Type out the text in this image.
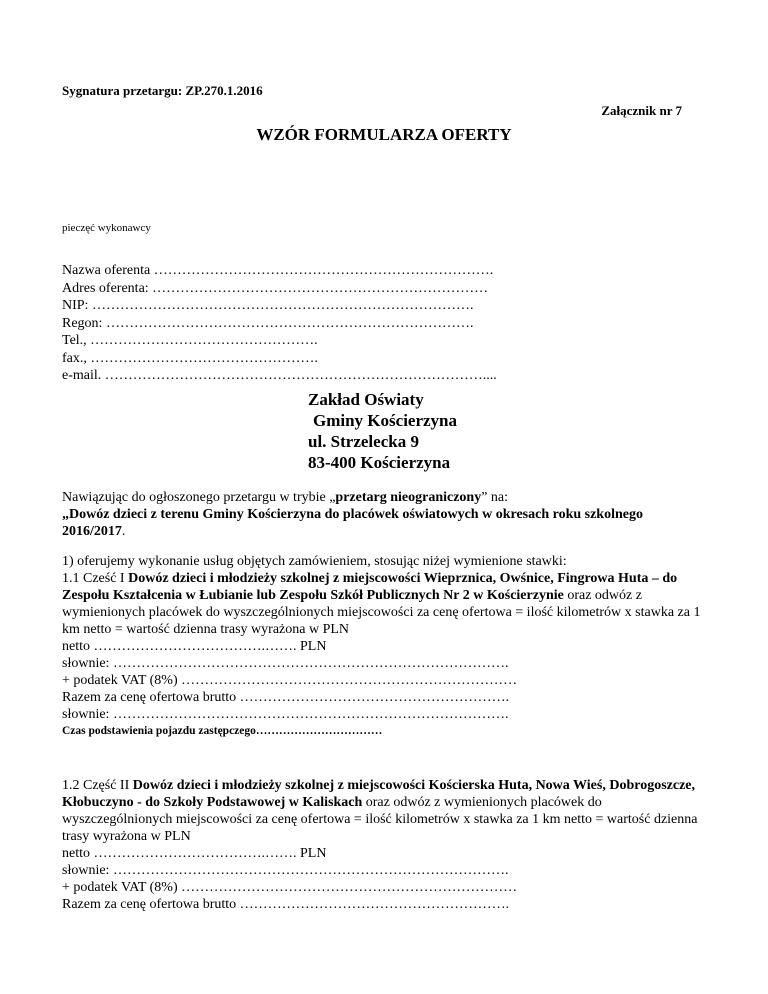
Sygnatura przetargu: ZP.270.1.2016
Załącznik nr 7
WZÓR FORMULARZA OFERTY
pieczęć wykonawcy
Nazwa oferenta ……………………………………………………………….
Adres oferenta: ………………………………………………………………
NIP: ……………………………………………………………………….
Regon: …………………………………………………………………….
Tel., ………………………………………….
fax., ………………………………………….
e-mail. ………………………………………………………………………....
Zakład Oświaty
Gminy Kościerzyna
ul. Strzelecka 9
83-400 Kościerzyna

Nawiązując do ogłoszonego przetargu w trybie „przetarg nieograniczony” na:
„Dowóz dzieci z terenu Gminy Kościerzyna do placówek oświatowych w okresach roku szkolnego 2016/2017.

1) oferujemy wykonanie usług objętych zamówieniem, stosując niżej wymienione stawki:

1.1 Cześć I Dowóz dzieci i młodzieży szkolnej z miejscowości Wieprznica, Owśnice, Fingrowa Huta – do Zespołu Kształcenia w Łubianie lub Zespołu Szkół Publicznych Nr 2 w Kościerzynie oraz odwóz z wymienionych placówek do wyszczególnionych miejscowości za cenę ofertowa = ilość kilometrów x stawka za 1 km netto = wartość dzienna trasy wyrażona w PLN

netto ……………………………….……. PLN

słownie: ………………………………………………………………………….

+ podatek VAT (8%) ………………………………………………………………

Razem za cenę ofertowa brutto ………………………………………………….

słownie: ………………………………………………………………………….

Czas podstawienia pojazdu zastępczego……………………………

1.2 Część II Dowóz dzieci i młodzieży szkolnej z miejscowości Kościerska Huta, Nowa Wieś, Dobrogoszcze, Kłobuczyno - do Szkoły Podstawowej w Kaliskach oraz odwóz z wymienionych placówek do wyszczególnionych miejscowości za cenę ofertowa = ilość kilometrów x stawka za 1 km netto = wartość dzienna trasy wyrażona w PLN

netto ……………………………….……. PLN

słownie: ………………………………………………………………………….

+ podatek VAT (8%) ………………………………………………………………

Razem za cenę ofertowa brutto ………………………………………………….
